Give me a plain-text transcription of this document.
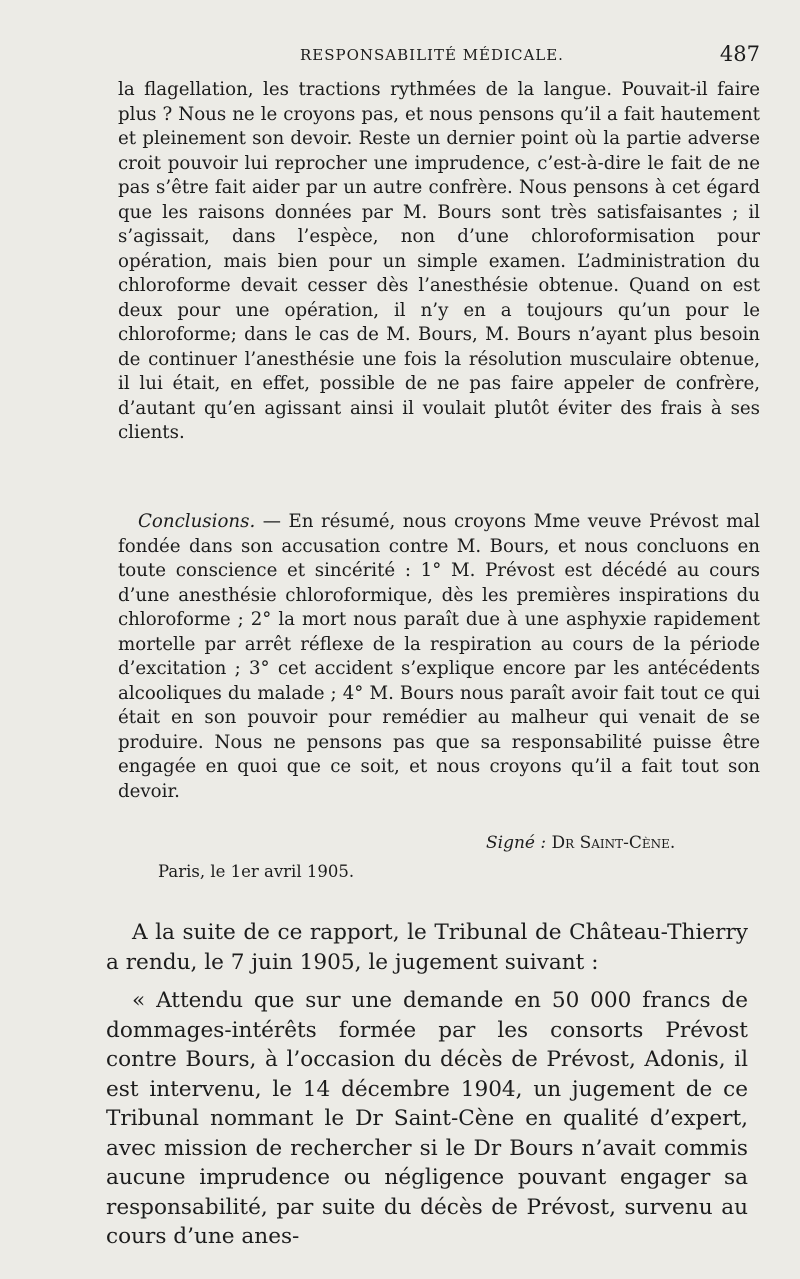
RESPONSABILITÉ MÉDICALE.	487

la flagellation, les tractions rythmées de la langue. Pouvait-il faire plus ? Nous ne le croyons pas, et nous pensons qu’il a fait hautement et pleinement son devoir. Reste un dernier point où la partie adverse croit pouvoir lui reprocher une imprudence, c’est-à-dire le fait de ne pas s’être fait aider par un autre confrère. Nous pensons à cet égard que les raisons données par M. Bours sont très satisfaisantes ; il s’agissait, dans l’espèce, non d’une chloroformisation pour opération, mais bien pour un simple examen. L’administration du chloroforme devait cesser dès l’anesthésie obtenue. Quand on est deux pour une opération, il n’y en a toujours qu’un pour le chloroforme; dans le cas de M. Bours, M. Bours n’ayant plus besoin de continuer l’anesthésie une fois la résolution musculaire obtenue, il lui était, en effet, possible de ne pas faire appeler de confrère, d’autant qu’en agissant ainsi il voulait plutôt éviter des frais à ses clients.

Conclusions. — En résumé, nous croyons Mme veuve Prévost mal fondée dans son accusation contre M. Bours, et nous concluons en toute conscience et sincérité : 1° M. Prévost est décédé au cours d’une anesthésie chloroformique, dès les premières inspirations du chloroforme ; 2° la mort nous paraît due à une asphyxie rapidement mortelle par arrêt réflexe de la respiration au cours de la période d’excitation ; 3° cet accident s’explique encore par les antécédents alcooliques du malade ; 4° M. Bours nous paraît avoir fait tout ce qui était en son pouvoir pour remédier au malheur qui venait de se produire. Nous ne pensons pas que sa responsabilité puisse être engagée en quoi que ce soit, et nous croyons qu’il a fait tout son devoir.

Signé : Dr Saint-Cène.
Paris, le 1er avril 1905.

A la suite de ce rapport, le Tribunal de Château-Thierry a rendu, le 7 juin 1905, le jugement suivant :

« Attendu que sur une demande en 50 000 francs de dommages-intérêts formée par les consorts Prévost contre Bours, à l’occasion du décès de Prévost, Adonis, il est intervenu, le 14 décembre 1904, un jugement de ce Tribunal nommant le Dr Saint-Cène en qualité d’expert, avec mission de rechercher si le Dr Bours n’avait commis aucune imprudence ou négligence pouvant engager sa responsabilité, par suite du décès de Prévost, survenu au cours d’une anes-
